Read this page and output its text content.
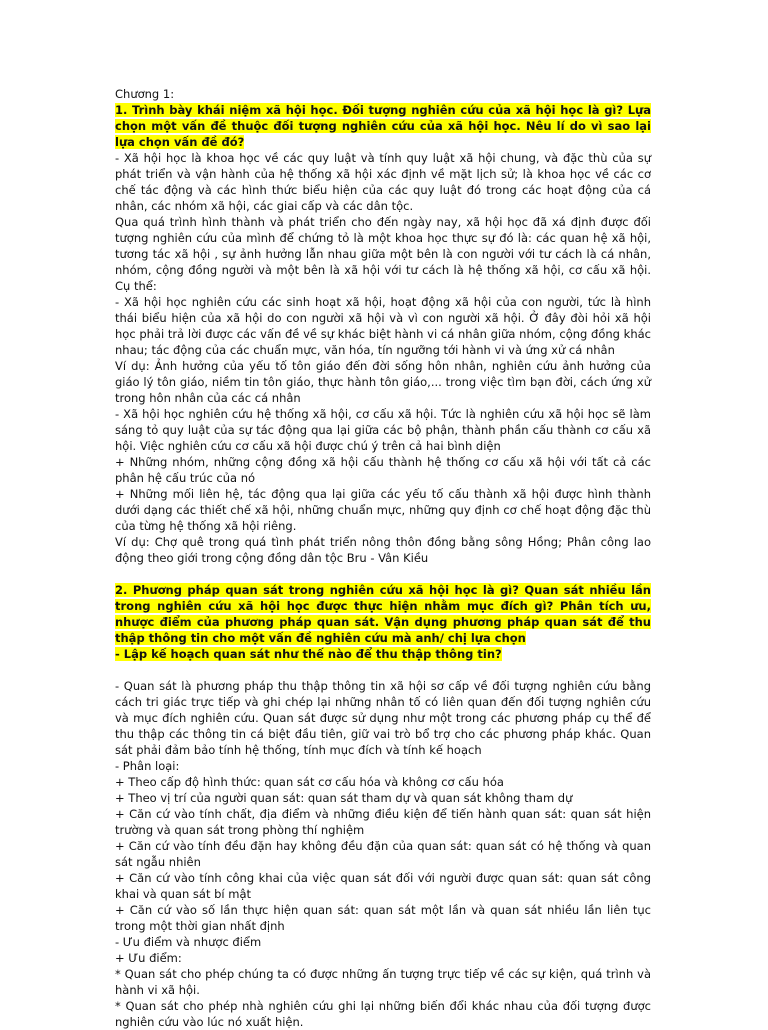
Chương 1:

1. Trình bày khái niệm xã hội học. Đối tượng nghiên cứu của xã hội học là gì? Lựa chọn một vấn đề thuộc đối tượng nghiên cứu của xã hội học. Nêu lí do vì sao lại lựa chọn vấn đề đó?

- Xã hội học là khoa học về các quy luật và tính quy luật xã hội chung, và đặc thù của sự phát triển và vận hành của hệ thống xã hội xác định về mặt lịch sử; là khoa học về các cơ chế tác động và các hình thức biểu hiện của các quy luật đó trong các hoạt động của cá nhân, các nhóm xã hội, các giai cấp và các dân tộc.

Qua quá trình hình thành và phát triển cho đến ngày nay, xã hội học đã xá định được đối tượng nghiên cứu của mình để chứng tỏ là một khoa học thực sự đó là: các quan hệ xã hội, tương tác xã hội , sự ảnh hưởng lẫn nhau giữa một bên là con người với tư cách là cá nhân, nhóm, cộng đồng người và một bên là xã hội với tư cách là hệ thống xã hội, cơ cấu xã hội. Cụ thể:

- Xã hội học nghiên cứu các sinh hoạt xã hội, hoạt động xã hội của con người, tức là hình thái biểu hiện của xã hội do con người xã hội và vì con người xã hội. Ở đây đòi hỏi xã hội học phải trả lời được các vấn đề về sự khác biệt hành vi cá nhân giữa nhóm, cộng đồng khác nhau; tác động của các chuẩn mực, văn hóa, tín ngưỡng tới hành vi và ứng xử cá nhân

Ví dụ: Ảnh hưởng của yếu tố tôn giáo đến đời sống hôn nhân, nghiên cứu ảnh hưởng của giáo lý tôn giáo, niềm tin tôn giáo, thực hành tôn giáo,... trong việc tìm bạn đời, cách ứng xử trong hôn nhân của các cá nhân

- Xã hội học nghiên cứu hệ thống xã hội, cơ cấu xã hội. Tức là nghiên cứu xã hội học sẽ làm sáng tỏ quy luật của sự tác động qua lại giữa các bộ phận, thành phần cấu thành cơ cấu xã hội. Việc nghiên cứu cơ cấu xã hội được chú ý trên cả hai bình diện

+ Những nhóm, những cộng đồng xã hội cấu thành hệ thống cơ cấu xã hội với tất cả các phân hệ cấu trúc của nó

+ Những mối liên hệ, tác động qua lại giữa các yếu tố cấu thành xã hội được hình thành dưới dạng các thiết chế xã hội, những chuẩn mực, những quy định cơ chế hoạt động đặc thù của từng hệ thống xã hội riêng.

Ví dụ: Chợ quê trong quá tình phát triển nông thôn đồng bằng sông Hồng; Phân công lao động theo giới trong cộng đồng dân tộc Bru - Vân Kiều

2. Phương pháp quan sát trong nghiên cứu xã hội học là gì? Quan sát nhiều lần trong nghiên cứu xã hội học được thực hiện nhằm mục đích gì? Phân tích ưu, nhược điểm của phương pháp quan sát. Vận dụng phương pháp quan sát để thu thập thông tin cho một vấn đề nghiên cứu mà anh/ chị lựa chọn

- Lập kế hoạch quan sát như thế nào để thu thập thông tin?

- Quan sát là phương pháp thu thập thông tin xã hội sơ cấp về đối tượng nghiên cứu bằng cách tri giác trực tiếp và ghi chép lại những nhân tố có liên quan đến đối tượng nghiên cứu và mục đích nghiên cứu. Quan sát được sử dụng như một trong các phương pháp cụ thể để thu thập các thông tin cá biệt đầu tiên, giữ vai trò bổ trợ cho các phương pháp khác. Quan sát phải đảm bảo tính hệ thống, tính mục đích và tính kế hoạch

- Phân loại:

+ Theo cấp độ hình thức: quan sát cơ cấu hóa và không cơ cấu hóa

+ Theo vị trí của người quan sát: quan sát tham dự và quan sát không tham dự

+ Căn cứ vào tính chất, địa điểm và những điều kiện để tiến hành quan sát: quan sát hiện trường và quan sát trong phòng thí nghiệm

+ Căn cứ vào tính đều đặn hay không đều đặn của quan sát: quan sát có hệ thống và quan sát ngẫu nhiên

+ Căn cứ vào tính công khai của việc quan sát đối với người được quan sát: quan sát công khai và quan sát bí mật

+ Căn cứ vào số lần thực hiện quan sát: quan sát một lần và quan sát nhiều lần liên tục trong một thời gian nhất định

- Ưu điểm và nhược điểm

+ Ưu điểm:

* Quan sát cho phép chúng ta có được những ấn tượng trực tiếp về các sự kiện, quá trình và hành vi xã hội.

* Quan sát cho phép nhà nghiên cứu ghi lại những biến đổi khác nhau của đối tượng được nghiên cứu vào lúc nó xuất hiện.
